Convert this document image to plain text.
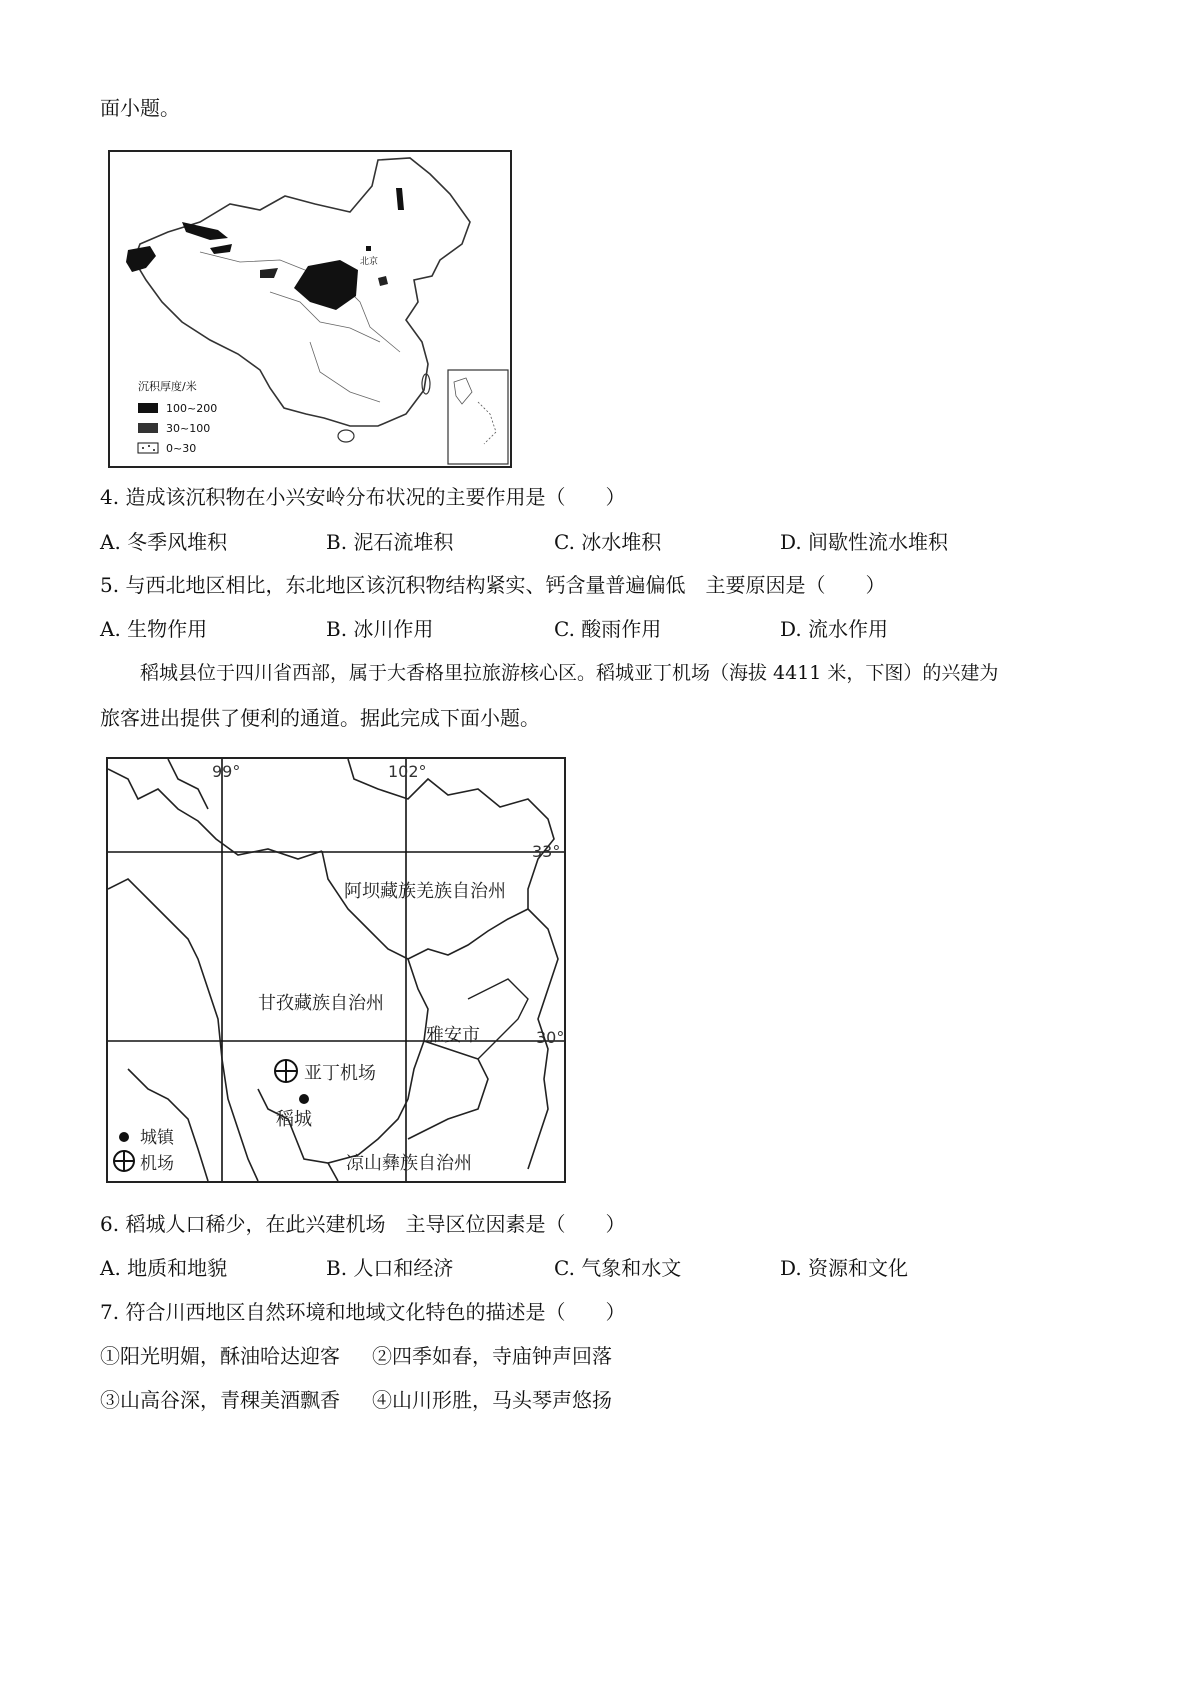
面小题。
北京
沉积厚度/米
100~200
30~100
0~30
4. 造成该沉积物在小兴安岭分布状况的主要作用是（　　）
A. 冬季风堆积	B. 泥石流堆积	C. 冰水堆积	D. 间歇性流水堆积
5. 与西北地区相比，东北地区该沉积物结构紧实、钙含量普遍偏低　主要原因是（　　）
A. 生物作用	B. 冰川作用	C. 酸雨作用	D. 流水作用
稻城县位于四川省西部，属于大香格里拉旅游核心区。稻城亚丁机场（海拔 4411 米，下图）的兴建为
旅客进出提供了便利的通道。据此完成下面小题。
99°	102°
33°
30°
阿坝藏族羌族自治州
甘孜藏族自治州
雅安市
凉山彝族自治州
亚丁机场
稻城
城镇
机场
6. 稻城人口稀少，在此兴建机场　主导区位因素是（　　）
A. 地质和地貌	B. 人口和经济	C. 气象和水文	D. 资源和文化
7. 符合川西地区自然环境和地域文化特色的描述是（　　）
①阳光明媚，酥油哈达迎客 ②四季如春，寺庙钟声回落
③山高谷深，青稞美酒飘香 ④山川形胜，马头琴声悠扬
